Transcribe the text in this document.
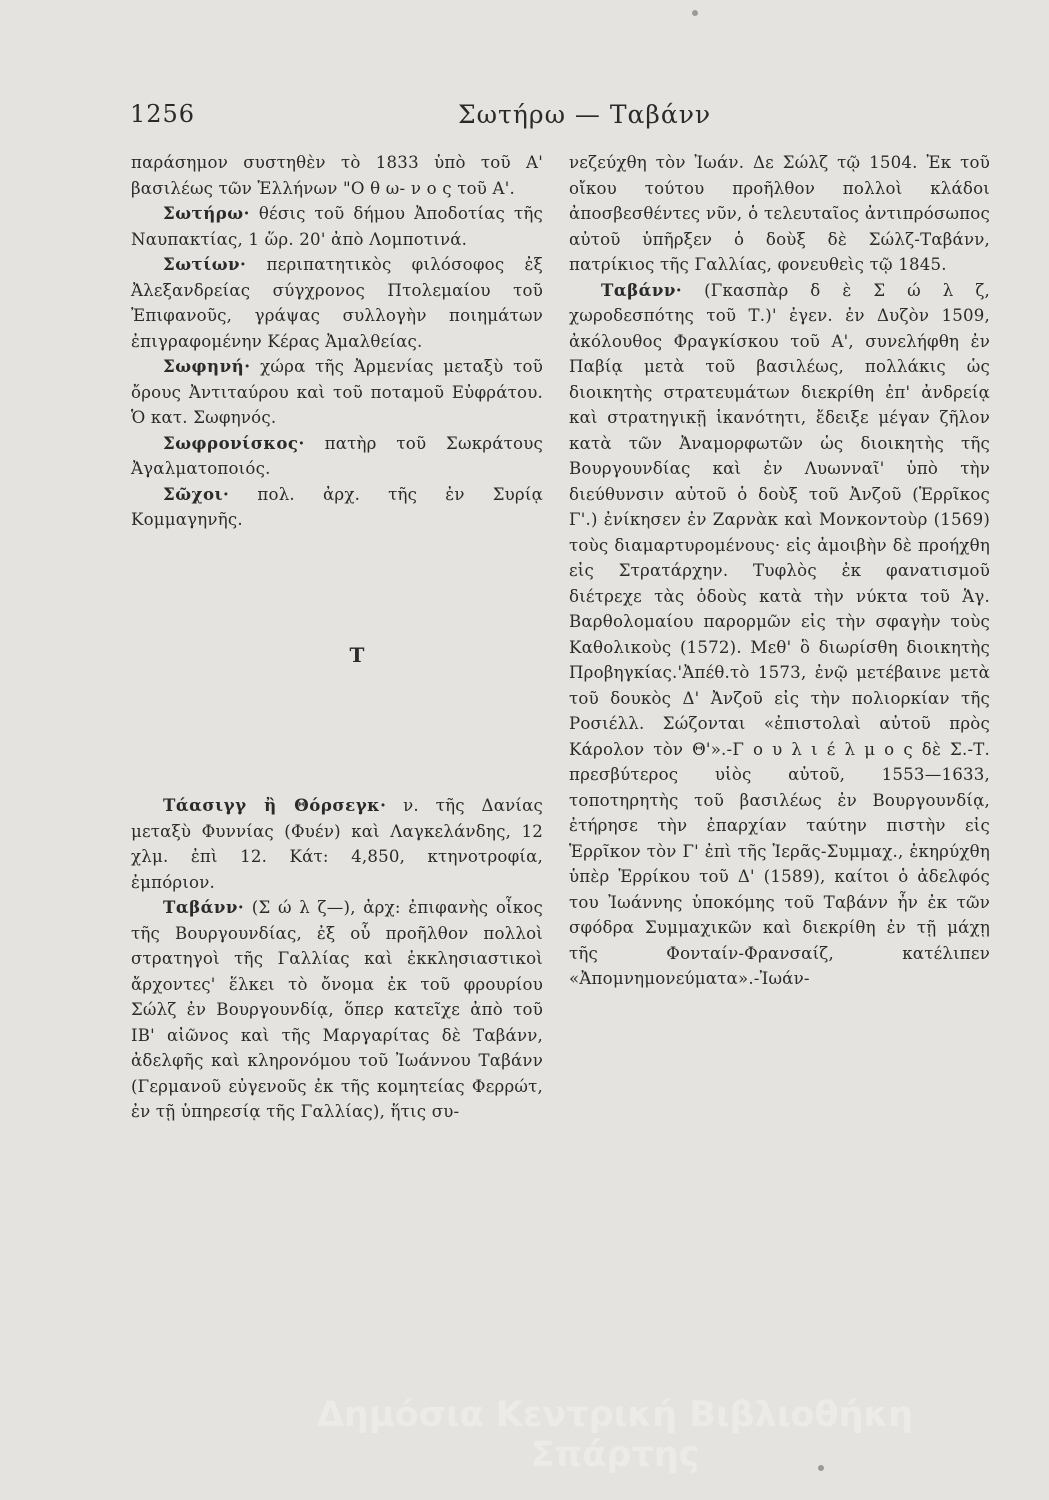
1256	Σωτήρω — Ταβάνν

παράσημον συστηθὲν τὸ 1833 ὑπὸ τοῦ Α' βασιλέως τῶν Ἑλλήνων "Ο θ ω- ν ο ς τοῦ Α'.

Σωτήρω· θέσις τοῦ δήμου Ἀποδοτίας τῆς Ναυπακτίας, 1 ὥρ. 20' ἀπὸ Λομποτινά.

Σωτίων· περιπατητικὸς φιλόσοφος ἐξ Ἀλεξανδρείας σύγχρονος Πτολεμαίου τοῦ Ἐπιφανοῦς, γράψας συλλογὴν ποιημάτων ἐπιγραφομένην Κέρας Ἀμαλθείας.

Σωφηνή· χώρα τῆς Ἀρμενίας μεταξὺ τοῦ ὄρους Ἀντιταύρου καὶ τοῦ ποταμοῦ Εὐφράτου. Ὁ κατ. Σωφηνός.

Σωφρονίσκος· πατὴρ τοῦ Σωκράτους Ἀγαλματοποιός.

Σῶχοι· πολ. ἀρχ. τῆς ἐν Συρίᾳ Κομμαγηνῆς.

Τ

Τάασιγγ ἢ Θόρσεγκ· ν. τῆς Δανίας μεταξὺ Φυννίας (Φυέν) καὶ Λαγκελάνδης, 12 χλμ. ἐπὶ 12. Κάτ: 4,850, κτηνοτροφία, ἐμπόριον.

Ταβάνν· (Σ ώ λ ζ—), ἀρχ: ἐπιφανὴς οἶκος τῆς Βουργουνδίας, ἐξ οὗ προῆλθον πολλοὶ στρατηγοὶ τῆς Γαλλίας καὶ ἐκκλησιαστικοὶ ἄρχοντες' ἕλκει τὸ ὄνομα ἐκ τοῦ φρουρίου Σώλζ ἐν Βουργουνδίᾳ, ὅπερ κατεῖχε ἀπὸ τοῦ ΙΒ' αἰῶνος καὶ τῆς Μαργαρίτας δὲ Ταβάνν, ἀδελφῆς καὶ κληρονόμου τοῦ Ἰωάννου Ταβάνν (Γερμανοῦ εὐγενοῦς ἐκ τῆς κομητείας Φερρώτ, ἐν τῇ ὑπηρεσίᾳ τῆς Γαλλίας), ἥτις συ-

νεζεύχθη τὸν Ἰωάν. Δε Σώλζ τῷ 1504. Ἐκ τοῦ οἴκου τούτου προῆλθον πολλοὶ κλάδοι ἀποσβεσθέντες νῦν, ὁ τελευταῖος ἀντιπρόσωπος αὐτοῦ ὑπῆρξεν ὁ δοὺξ δὲ Σώλζ-Ταβάνν, πατρίκιος τῆς Γαλλίας, φονευθεὶς τῷ 1845.

Ταβάνν· (Γκασπὰρ δ ὲ Σ ώ λ ζ, χωροδεσπότης τοῦ Τ.)' ἐγεν. ἐν Δυζὸν 1509, ἀκόλουθος Φραγκίσκου τοῦ Α', συνελήφθη ἐν Παβίᾳ μετὰ τοῦ βασιλέως, πολλάκις ὡς διοικητὴς στρατευμάτων διεκρίθη ἐπ' ἀνδρείᾳ καὶ στρατηγικῇ ἱκανότητι, ἔδειξε μέγαν ζῆλον κατὰ τῶν Ἀναμορφωτῶν ὡς διοικητὴς τῆς Βουργουνδίας καὶ ἐν Λυωνναῖ' ὑπὸ τὴν διεύθυνσιν αὐτοῦ ὁ δοὺξ τοῦ Ἀνζοῦ (Ἑρρῖκος Γ'.) ἐνίκησεν ἐν Ζαρνὰκ καὶ Μονκοντοὺρ (1569) τοὺς διαμαρτυρομένους· εἰς ἀμοιβὴν δὲ προήχθη εἰς Στρατάρχην. Τυφλὸς ἐκ φανατισμοῦ διέτρεχε τὰς ὁδοὺς κατὰ τὴν νύκτα τοῦ Ἁγ. Βαρθολομαίου παρορμῶν εἰς τὴν σφαγὴν τοὺς Καθολικοὺς (1572). Μεθ' ὃ διωρίσθη διοικητὴς Προβηγκίας.'Ἀπέθ.τὸ 1573, ἐνῷ μετέβαινε μετὰ τοῦ δουκὸς Δ' Ἀνζοῦ εἰς τὴν πολιορκίαν τῆς Ροσιέλλ. Σώζονται «ἐπιστολαὶ αὐτοῦ πρὸς Κάρολον τὸν Θ'».-Γ ο υ λ ι έ λ μ ο ς δὲ Σ.-Τ. πρεσβύτερος υἱὸς αὐτοῦ, 1553—1633, τοποτηρητὴς τοῦ βασιλέως ἐν Βουργουνδίᾳ, ἐτήρησε τὴν ἐπαρχίαν ταύτην πιστὴν εἰς Ἑρρῖκον τὸν Γ' ἐπὶ τῆς Ἱερᾶς-Συμμαχ., ἐκηρύχθη ὑπὲρ Ἑρρίκου τοῦ Δ' (1589), καίτοι ὁ ἀδελφός του Ἰωάννης ὑποκόμης τοῦ Ταβάνν ἦν ἐκ τῶν σφόδρα Συμμαχικῶν καὶ διεκρίθη ἐν τῇ μάχῃ τῆς Φονταίν-Φρανσαίζ, κατέλιπεν «Ἀπομνημονεύματα».-Ἰωάν-

Δημόσια Κεντρική Βιβλιοθήκη Σπάρτης
